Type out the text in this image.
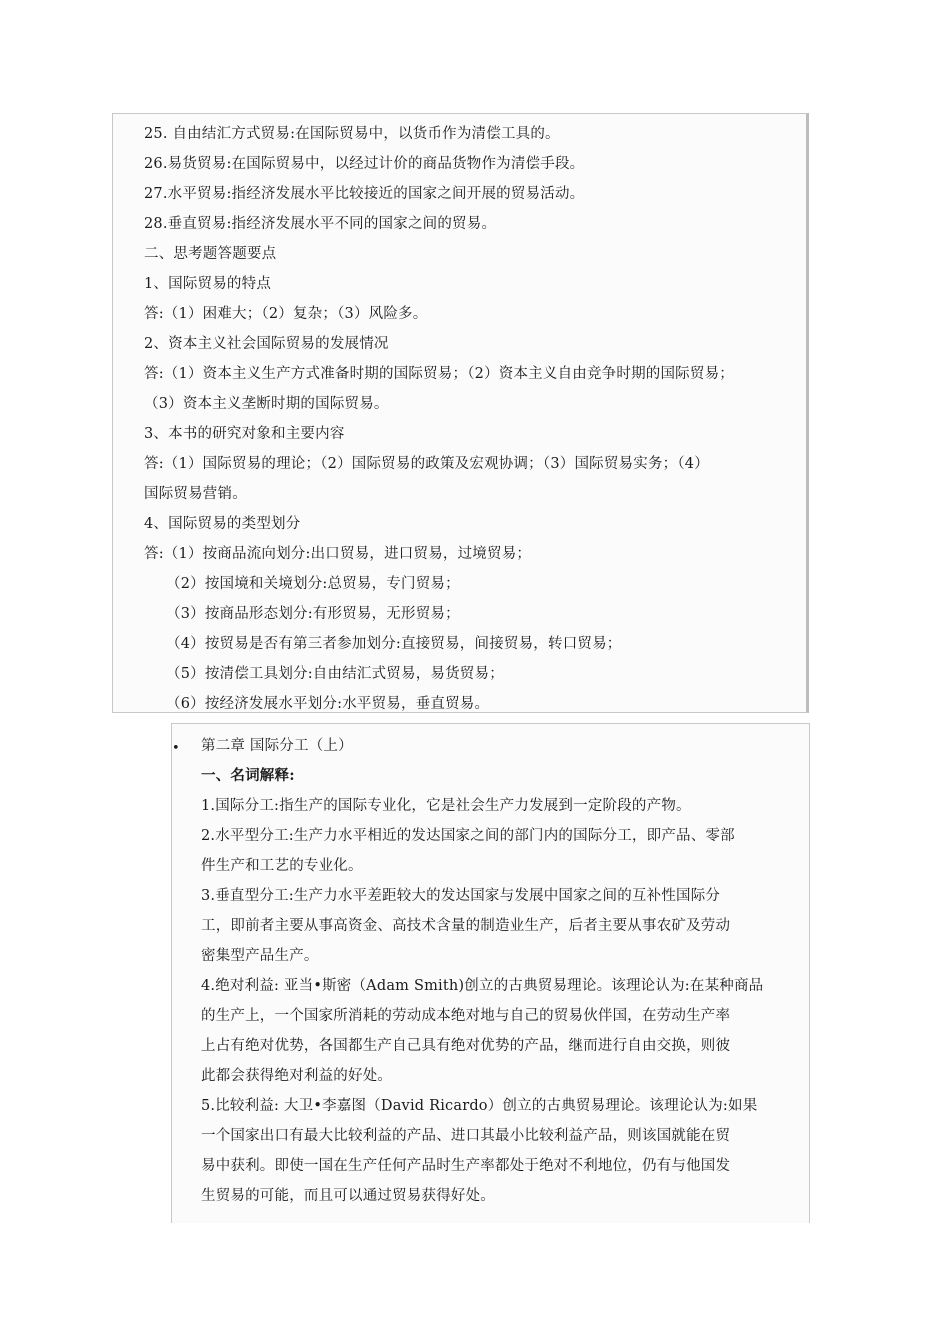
25. 自由结汇方式贸易:在国际贸易中，以货币作为清偿工具的。
26.易货贸易:在国际贸易中，以经过计价的商品货物作为清偿手段。
27.水平贸易:指经济发展水平比较接近的国家之间开展的贸易活动。
28.垂直贸易:指经济发展水平不同的国家之间的贸易。
二、思考题答题要点
1、国际贸易的特点
答:（1）困难大；（2）复杂；（3）风险多。
2、资本主义社会国际贸易的发展情况
答:（1）资本主义生产方式准备时期的国际贸易；（2）资本主义自由竞争时期的国际贸易；
（3）资本主义垄断时期的国际贸易。
3、本书的研究对象和主要内容
答:（1）国际贸易的理论；（2）国际贸易的政策及宏观协调；（3）国际贸易实务；（4）
国际贸易营销。
4、国际贸易的类型划分
答:（1）按商品流向划分:出口贸易，进口贸易，过境贸易；
（2）按国境和关境划分:总贸易，专门贸易；
（3）按商品形态划分:有形贸易，无形贸易；
（4）按贸易是否有第三者参加划分:直接贸易，间接贸易，转口贸易；
（5）按清偿工具划分:自由结汇式贸易，易货贸易；
（6）按经济发展水平划分:水平贸易，垂直贸易。
• 第二章 国际分工（上）
一、名词解释:
1.国际分工:指生产的国际专业化，它是社会生产力发展到一定阶段的产物。
2.水平型分工:生产力水平相近的发达国家之间的部门内的国际分工，即产品、零部
件生产和工艺的专业化。
3.垂直型分工:生产力水平差距较大的发达国家与发展中国家之间的互补性国际分
工，即前者主要从事高资金、高技术含量的制造业生产，后者主要从事农矿及劳动
密集型产品生产。
4.绝对利益: 亚当•斯密（Adam Smith)创立的古典贸易理论。该理论认为:在某种商品
的生产上，一个国家所消耗的劳动成本绝对地与自己的贸易伙伴国，在劳动生产率
上占有绝对优势，各国都生产自己具有绝对优势的产品，继而进行自由交换，则彼
此都会获得绝对利益的好处。
5.比较利益: 大卫•李嘉图（David Ricardo）创立的古典贸易理论。该理论认为:如果
一个国家出口有最大比较利益的产品、进口其最小比较利益产品，则该国就能在贸
易中获利。即使一国在生产任何产品时生产率都处于绝对不利地位，仍有与他国发
生贸易的可能，而且可以通过贸易获得好处。
